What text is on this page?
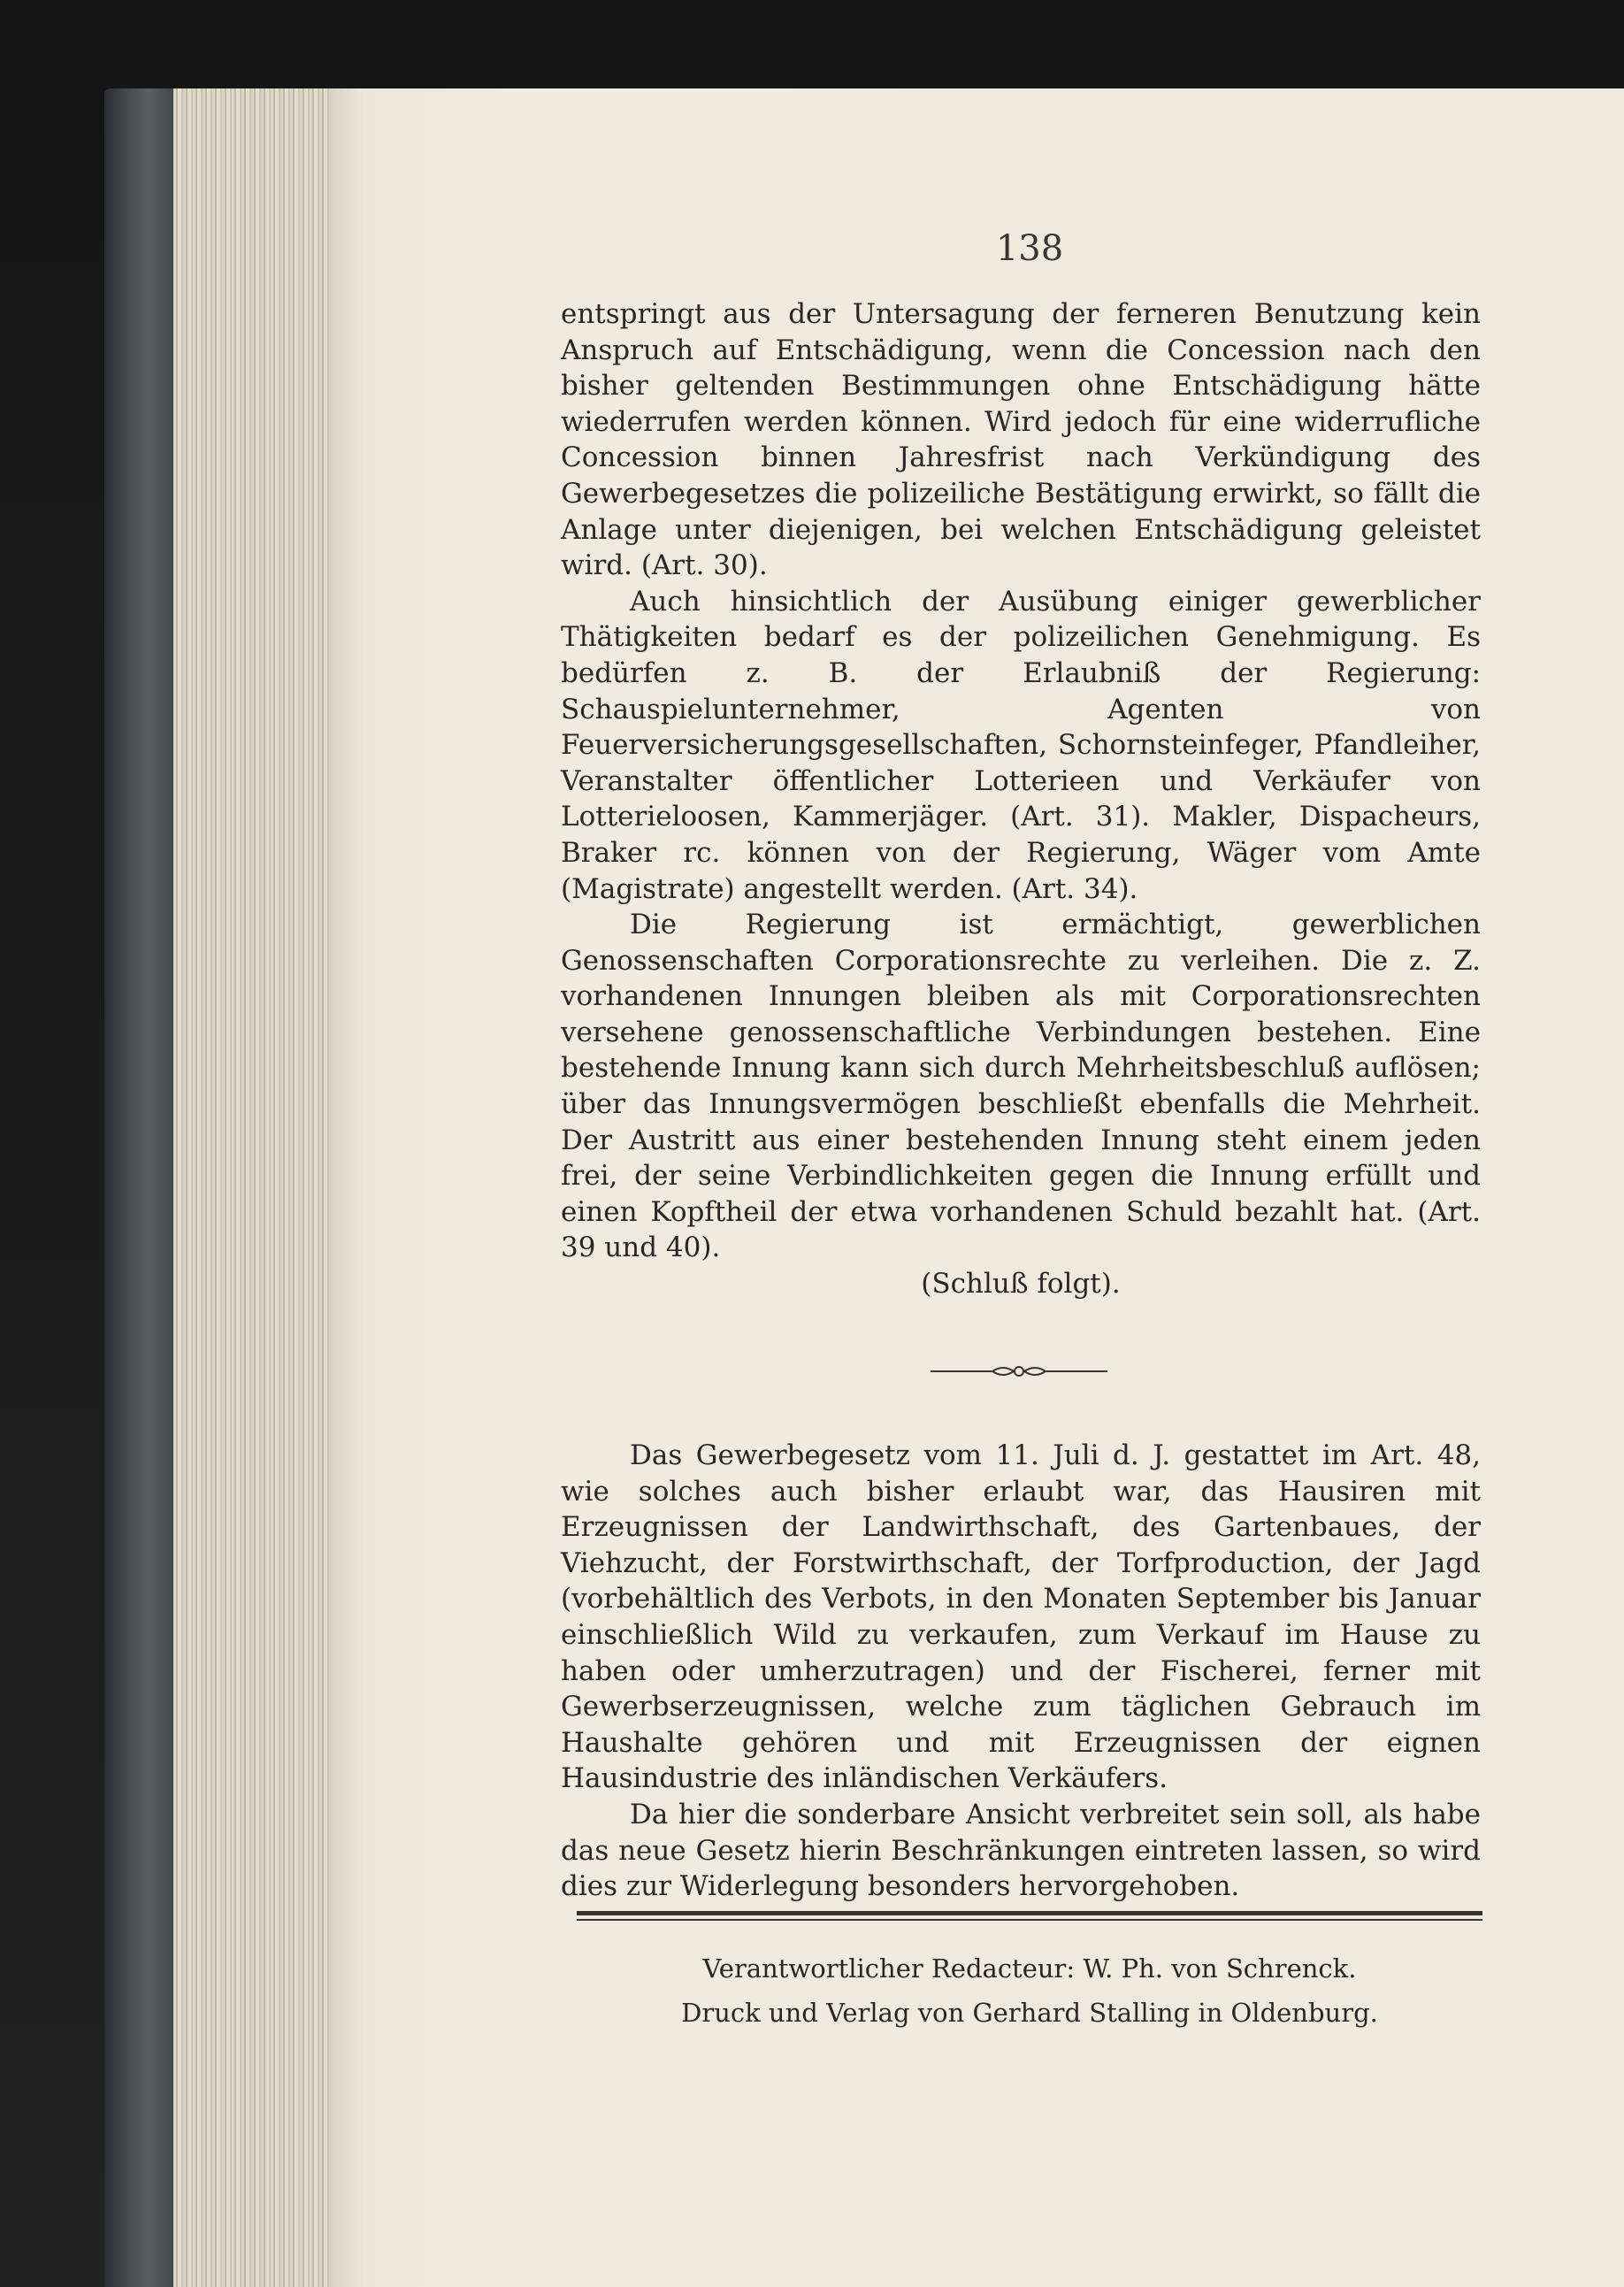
138

entspringt aus der Untersagung der ferneren Benutzung kein Anspruch auf Entschädigung, wenn die Concession nach den bisher geltenden Bestimmungen ohne Entschädigung hätte wiederrufen werden können. Wird jedoch für eine widerrufliche Concession binnen Jahresfrist nach Verkündigung des Gewerbegesetzes die polizeiliche Bestätigung erwirkt, so fällt die Anlage unter diejenigen, bei welchen Entschädigung geleistet wird. (Art. 30).

Auch hinsichtlich der Ausübung einiger gewerblicher Thätigkeiten bedarf es der polizeilichen Genehmigung. Es bedürfen z. B. der Erlaubniß der Regierung: Schauspielunternehmer, Agenten von Feuerversicherungsgesellschaften, Schornsteinfeger, Pfandleiher, Veranstalter öffentlicher Lotterieen und Verkäufer von Lotterieloosen, Kammerjäger. (Art. 31). Makler, Dispacheurs, Braker rc. können von der Regierung, Wäger vom Amte (Magistrate) angestellt werden. (Art. 34).

Die Regierung ist ermächtigt, gewerblichen Genossenschaften Corporationsrechte zu verleihen. Die z. Z. vorhandenen Innungen bleiben als mit Corporationsrechten versehene genossenschaftliche Verbindungen bestehen. Eine bestehende Innung kann sich durch Mehrheitsbeschluß auflösen; über das Innungsvermögen beschließt ebenfalls die Mehrheit. Der Austritt aus einer bestehenden Innung steht einem jeden frei, der seine Verbindlichkeiten gegen die Innung erfüllt und einen Kopftheil der etwa vorhandenen Schuld bezahlt hat. (Art. 39 und 40).

(Schluß folgt).

Das Gewerbegesetz vom 11. Juli d. J. gestattet im Art. 48, wie solches auch bisher erlaubt war, das Hausiren mit Erzeugnissen der Landwirthschaft, des Gartenbaues, der Viehzucht, der Forstwirthschaft, der Torfproduction, der Jagd (vorbehältlich des Verbots, in den Monaten September bis Januar einschließlich Wild zu verkaufen, zum Verkauf im Hause zu haben oder umherzutragen) und der Fischerei, ferner mit Gewerbserzeugnissen, welche zum täglichen Gebrauch im Haushalte gehören und mit Erzeugnissen der eignen Hausindustrie des inländischen Verkäufers.

Da hier die sonderbare Ansicht verbreitet sein soll, als habe das neue Gesetz hierin Beschränkungen eintreten lassen, so wird dies zur Widerlegung besonders hervorgehoben.

Verantwortlicher Redacteur: W. Ph. von Schrenck.
Druck und Verlag von Gerhard Stalling in Oldenburg.
